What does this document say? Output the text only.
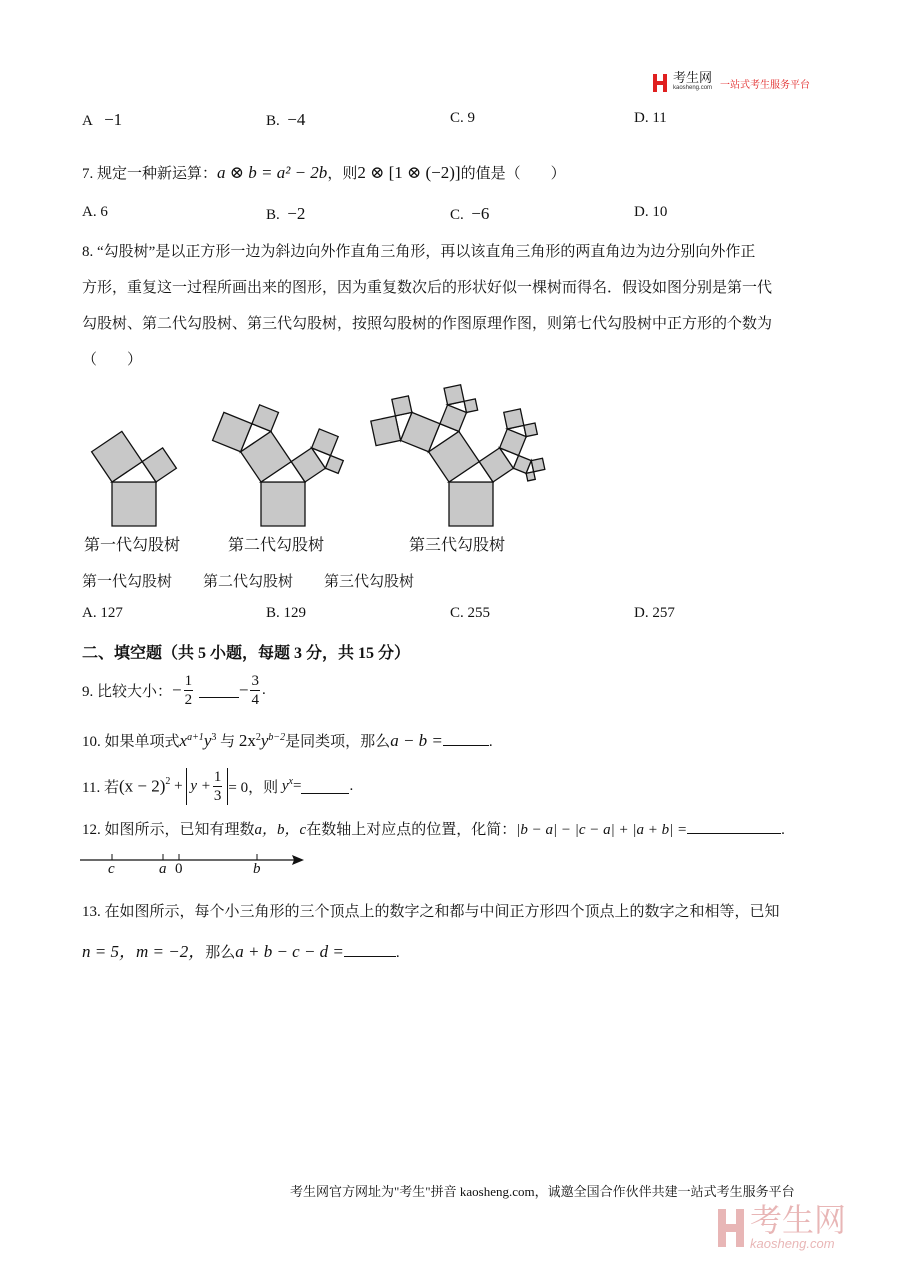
考生网
kaosheng.com 一站式考生服务平台
A −1	B. −4	C. 9	D. 11
7. 规定一种新运算：a ⊗ b = a² − 2b，则2 ⊗ [1 ⊗ (−2)]的值是（　　）
A. 6	B. −2	C. −6	D. 10
8. “勾股树”是以正方形一边为斜边向外作直角三角形，再以该直角三角形的两直角边为边分别向外作正
方形，重复这一过程所画出来的图形，因为重复数次后的形状好似一棵树而得名．假设如图分别是第一代
勾股树、第二代勾股树、第三代勾股树，按照勾股树的作图原理作图，则第七代勾股树中正方形的个数为
（　　）
第一代勾股树	第二代勾股树	第三代勾股树
第一代勾股树 第二代勾股树 第三代勾股树
A. 127	B. 129	C. 255	D. 257
二、填空题（共 5 小题，每题 3 分，共 15 分）
9. 比较大小：− $\frac{1}{2}$	− $\frac{3}{4}$ .
10. 如果单项式$x^{a+1}y^3$ 与 $2x^2y^{b-2}$是同类项，那么a − b =	.
11. 若$(x - 2)^2 + y + \frac{1}{3} = 0$，则 $y^x=$	.
12. 如图所示，已知有理数a，b，c在数轴上对应点的位置，化简：|b − a| − |c − a| + |a + b| =	.
c	a 0	b
13. 在如图所示，每个小三角形的三个顶点上的数字之和都与中间正方形四个顶点上的数字之和相等，已知
n = 5，m = −2，那么a + b − c − d =	.
考生网官方网址为"考生"拼音 kaosheng.com，诚邀全国合作伙伴共建一站式考生服务平台
考生网
kaosheng.com
